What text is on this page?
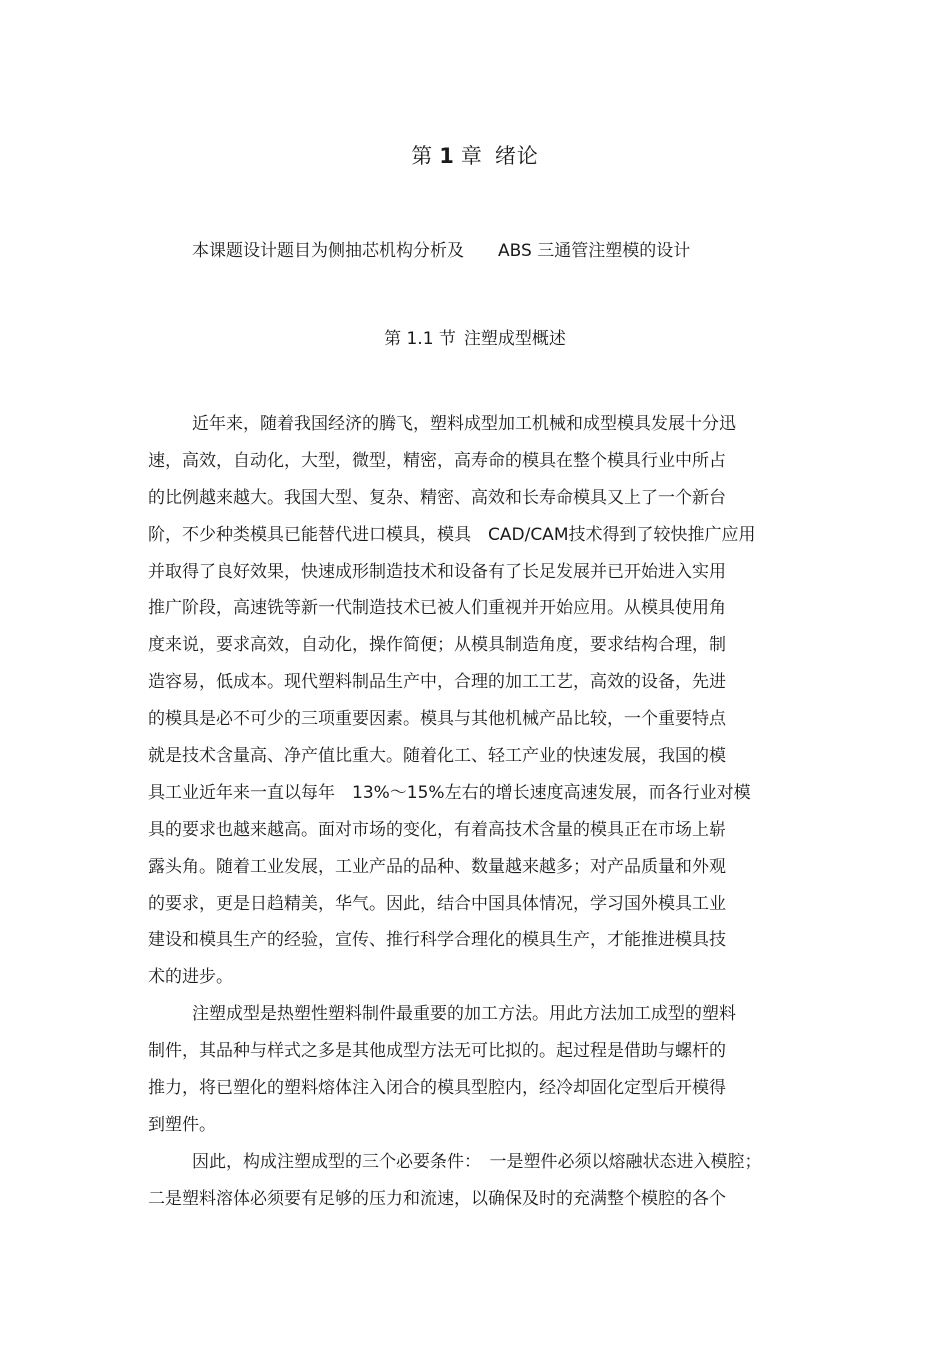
第 1 章 绪论
本课题设计题目为侧抽芯机构分析及 ABS 三通管注塑模的设计
第 1.1 节 注塑成型概述
近年来，随着我国经济的腾飞，塑料成型加工机械和成型模具发展十分迅
速，高效，自动化，大型，微型，精密，高寿命的模具在整个模具行业中所占
的比例越来越大。我国大型、复杂、精密、高效和长寿命模具又上了一个新台
阶，不少种类模具已能替代进口模具，模具　CAD/CAM技术得到了较快推广应用
并取得了良好效果，快速成形制造技术和设备有了长足发展并已开始进入实用
推广阶段，高速铣等新一代制造技术已被人们重视并开始应用。从模具使用角
度来说，要求高效，自动化，操作简便；从模具制造角度，要求结构合理，制
造容易，低成本。现代塑料制品生产中，合理的加工工艺，高效的设备，先进
的模具是必不可少的三项重要因素。模具与其他机械产品比较，一个重要特点
就是技术含量高、净产值比重大。随着化工、轻工产业的快速发展，我国的模
具工业近年来一直以每年　13%～15%左右的增长速度高速发展，而各行业对模
具的要求也越来越高。面对市场的变化，有着高技术含量的模具正在市场上崭
露头角。随着工业发展，工业产品的品种、数量越来越多；对产品质量和外观
的要求，更是日趋精美，华气。因此，结合中国具体情况，学习国外模具工业
建设和模具生产的经验，宣传、推行科学合理化的模具生产，才能推进模具技
术的进步。
注塑成型是热塑性塑料制件最重要的加工方法。用此方法加工成型的塑料
制件，其品种与样式之多是其他成型方法无可比拟的。起过程是借助与螺杆的
推力，将已塑化的塑料熔体注入闭合的模具型腔内，经冷却固化定型后开模得
到塑件。
因此，构成注塑成型的三个必要条件：　一是塑件必须以熔融状态进入模腔；
二是塑料溶体必须要有足够的压力和流速，以确保及时的充满整个模腔的各个
